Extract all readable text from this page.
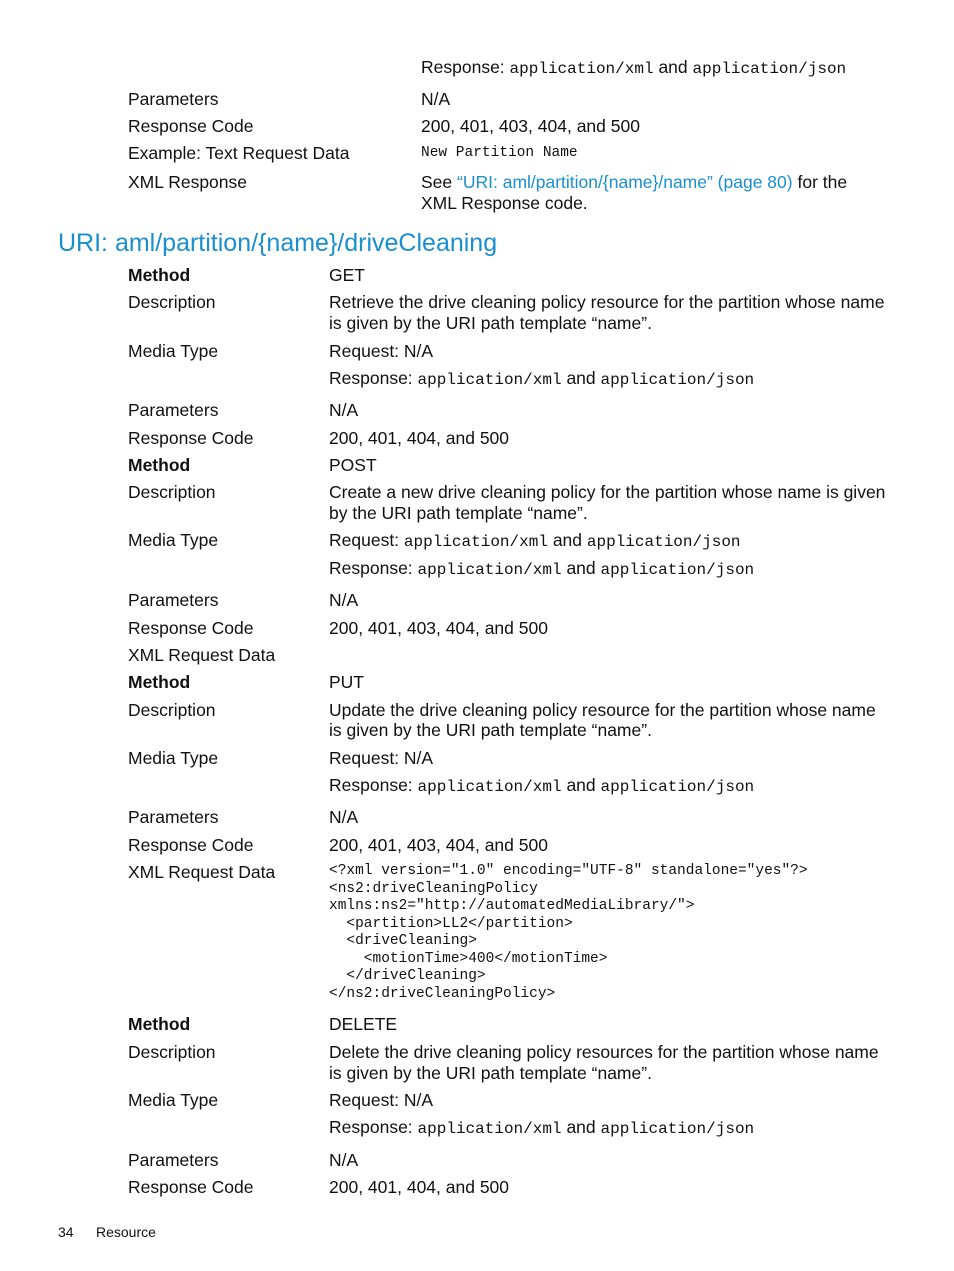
Response: application/xml and application/json
Parameters	N/A
Response Code	200, 401, 403, 404, and 500
Example: Text Request Data	New Partition Name
XML Response	See “URI: aml/partition/{name}/name” (page 80) for the
XML Response code.
URI: aml/partition/{name}/driveCleaning
Method	GET
Description	Retrieve the drive cleaning policy resource for the partition whose name
is given by the URI path template “name”.
Media Type	Request: N/A
Response: application/xml and application/json
Parameters	N/A
Response Code	200, 401, 404, and 500
Method	POST
Description	Create a new drive cleaning policy for the partition whose name is given
by the URI path template “name”.
Media Type	Request: application/xml and application/json
Response: application/xml and application/json
Parameters	N/A
Response Code	200, 401, 403, 404, and 500
XML Request Data
Method	PUT
Description	Update the drive cleaning policy resource for the partition whose name
is given by the URI path template “name”.
Media Type	Request: N/A
Response: application/xml and application/json
Parameters	N/A
Response Code	200, 401, 403, 404, and 500
XML Request Data	<?xml version="1.0" encoding="UTF-8" standalone="yes"?>
<ns2:driveCleaningPolicy
xmlns:ns2="http://automatedMediaLibrary/">
<partition>LL2</partition>
<driveCleaning>
<motionTime>400</motionTime>
</driveCleaning>
</ns2:driveCleaningPolicy>
Method	DELETE
Description	Delete the drive cleaning policy resources for the partition whose name
is given by the URI path template “name”.
Media Type	Request: N/A
Response: application/xml and application/json
Parameters	N/A
Response Code	200, 401, 404, and 500
34 Resource
